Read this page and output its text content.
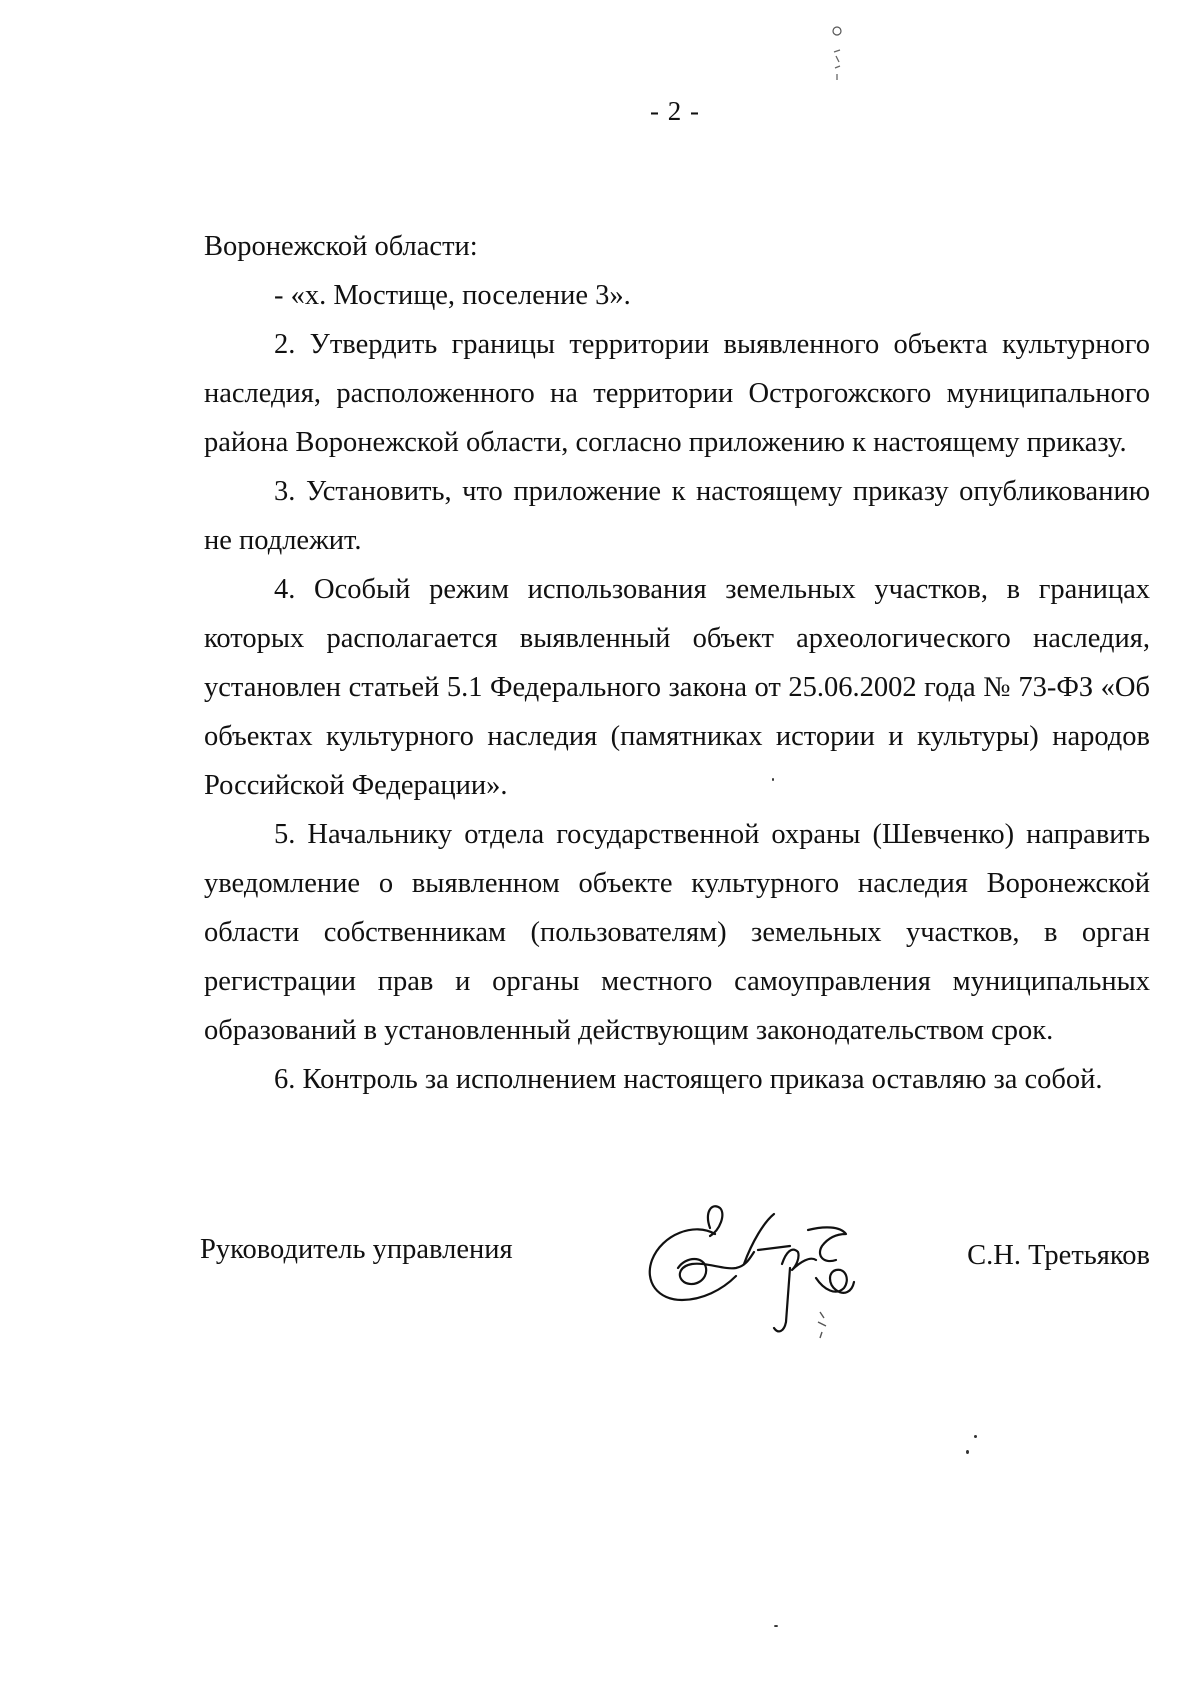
- 2 -

Воронежской области:

- «х. Мостище, поселение 3».

2. Утвердить границы территории выявленного объекта культурного наследия, расположенного на территории Острогожского муниципального района Воронежской области, согласно приложению к настоящему приказу.

3. Установить, что приложение к настоящему приказу опубликованию не подлежит.

4. Особый режим использования земельных участков, в границах которых располагается выявленный объект археологического наследия, установлен статьей 5.1 Федерального закона от 25.06.2002 года № 73-ФЗ «Об объектах культурного наследия (памятниках истории и культуры) народов Российской Федерации».

5. Начальнику отдела государственной охраны (Шевченко) направить уведомление о выявленном объекте культурного наследия Воронежской области собственникам (пользователям) земельных участков, в орган регистрации прав и органы местного самоуправления муниципальных образований в установленный действующим законодательством срок.

6. Контроль за исполнением настоящего приказа оставляю за собой.

Руководитель управления	С.Н. Третьяков
